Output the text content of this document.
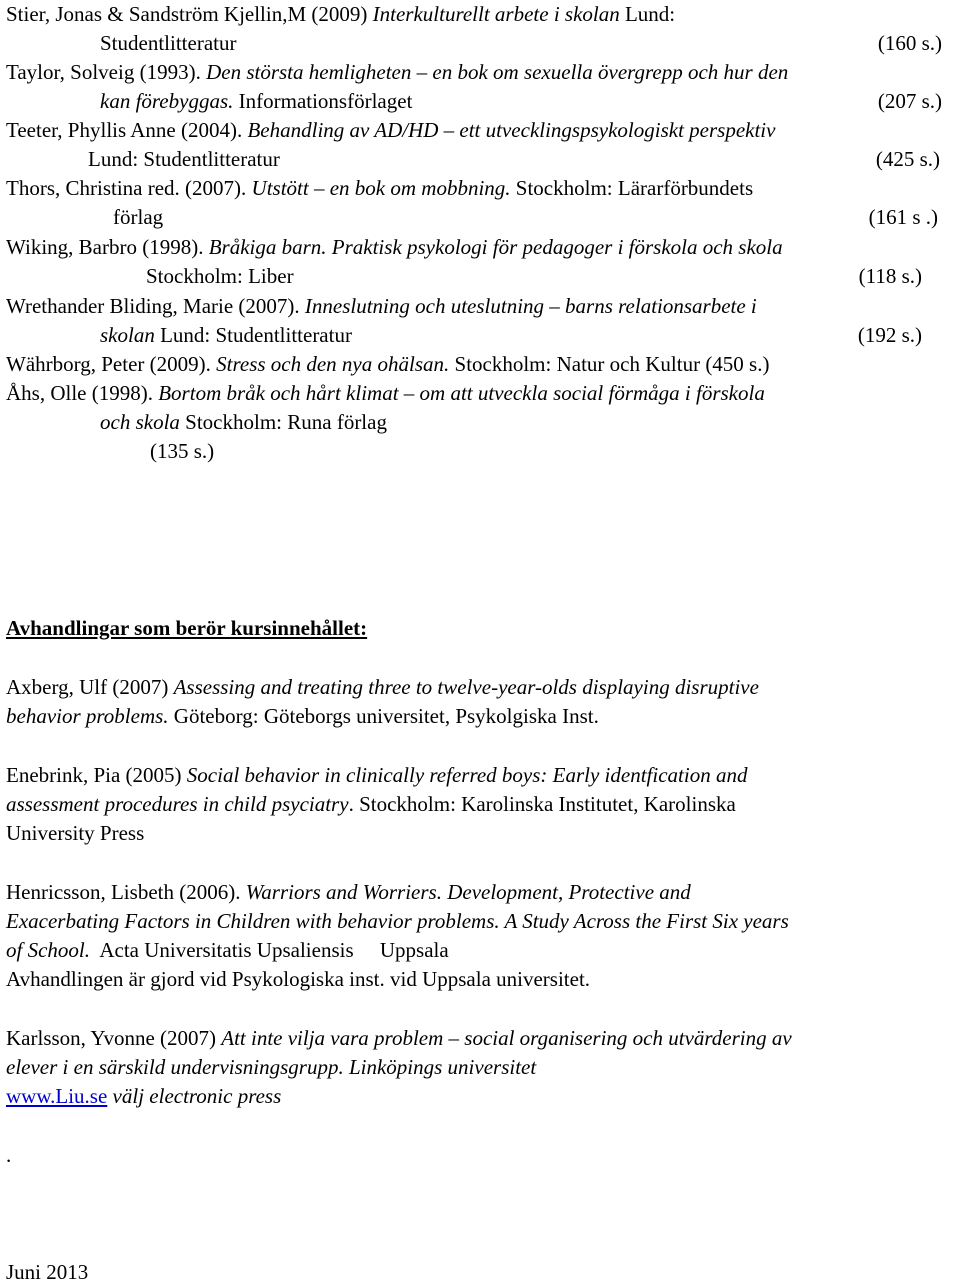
Stier, Jonas & Sandström Kjellin,M (2009) Interkulturellt arbete i skolan Lund:
Studentlitteratur	(160 s.)
Taylor, Solveig (1993). Den största hemligheten – en bok om sexuella övergrepp och hur den
kan förebyggas. Informationsförlaget	(207 s.)
Teeter, Phyllis Anne (2004). Behandling av AD/HD – ett utvecklingspsykologiskt perspektiv
Lund: Studentlitteratur	(425 s.)
Thors, Christina red. (2007). Utstött – en bok om mobbning. Stockholm: Lärarförbundets
förlag	(161 s .)
Wiking, Barbro (1998). Bråkiga barn. Praktisk psykologi för pedagoger i förskola och skola
Stockholm: Liber	(118 s.)
Wrethander Bliding, Marie (2007). Inneslutning och uteslutning – barns relationsarbete i
skolan Lund: Studentlitteratur	(192 s.)
Währborg, Peter (2009). Stress och den nya ohälsan. Stockholm: Natur och Kultur (450 s.)
Åhs, Olle (1998). Bortom bråk och hårt klimat – om att utveckla social förmåga i förskola
och skola Stockholm: Runa förlag
(135 s.)
Avhandlingar som berör kursinnehållet:
Axberg, Ulf (2007) Assessing and treating three to twelve-year-olds displaying disruptive
behavior problems. Göteborg: Göteborgs universitet, Psykolgiska Inst.
Enebrink, Pia (2005) Social behavior in clinically referred boys: Early identfication and
assessment procedures in child psyciatry. Stockholm: Karolinska Institutet, Karolinska
University Press
Henricsson, Lisbeth (2006). Warriors and Worriers. Development, Protective and
Exacerbating Factors in Children with behavior problems. A Study Across the First Six years
of School.  Acta Universitatis Upsaliensis     Uppsala
Avhandlingen är gjord vid Psykologiska inst. vid Uppsala universitet.
Karlsson, Yvonne (2007) Att inte vilja vara problem – social organisering och utvärdering av
elever i en särskild undervisningsgrupp. Linköpings universitet
www.Liu.se välj electronic press
.
Juni 2013
